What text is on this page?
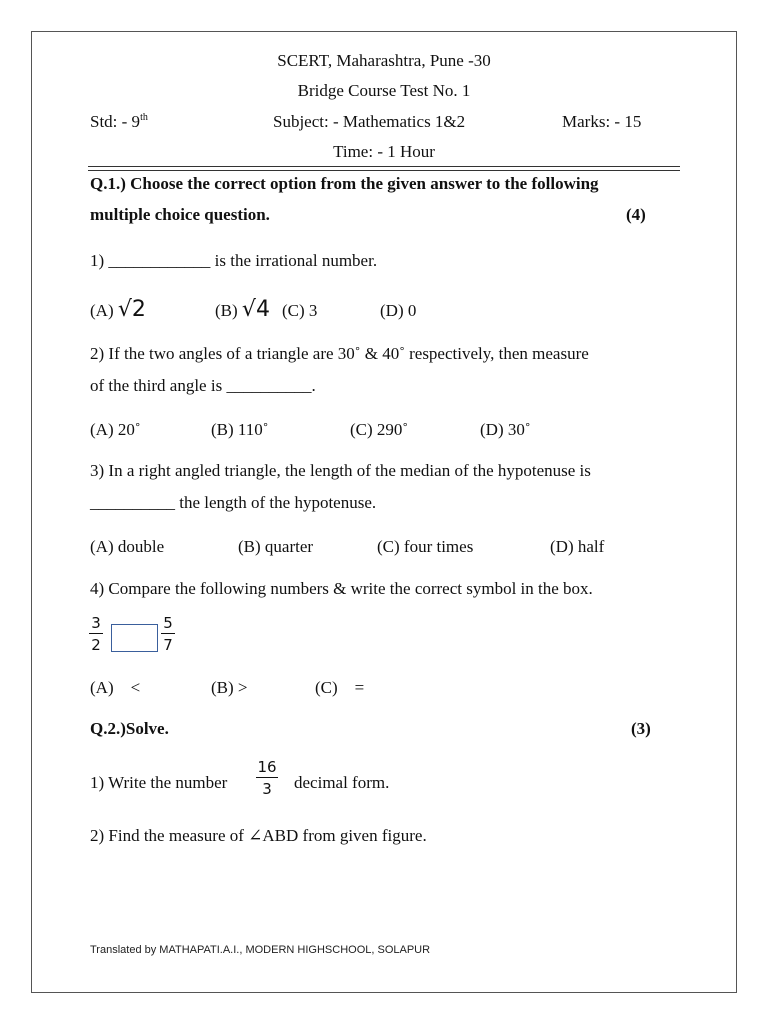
SCERT, Maharashtra, Pune -30
Bridge Course Test No. 1
Std: - 9th	Subject: - Mathematics 1&2	Marks: - 15
Time: - 1 Hour
Q.1.) Choose the correct option from the given answer to the following
multiple choice question.	(4)
1) ____________ is the irrational number.
(A) √2	(B) √4 (C) 3	(D) 0
2) If the two angles of a triangle are 30˚ & 40˚ respectively, then measure
of the third angle is __________.
(A) 20˚	(B) 110˚	(C) 290˚	(D) 30˚
3) In a right angled triangle, the length of the median of the hypotenuse is
__________ the length of the hypotenuse.
(A) double	(B) quarter	(C) four times	(D) half
4) Compare the following numbers & write the correct symbol in the box.
3
2
5
7
(A)    <	(B) >	(C)    =
Q.2.)Solve.	(3)
1) Write the number
16
3	decimal form.
2) Find the measure of ∠ABD from given figure.
Translated by MATHAPATI.A.I., MODERN HIGHSCHOOL, SOLAPUR
